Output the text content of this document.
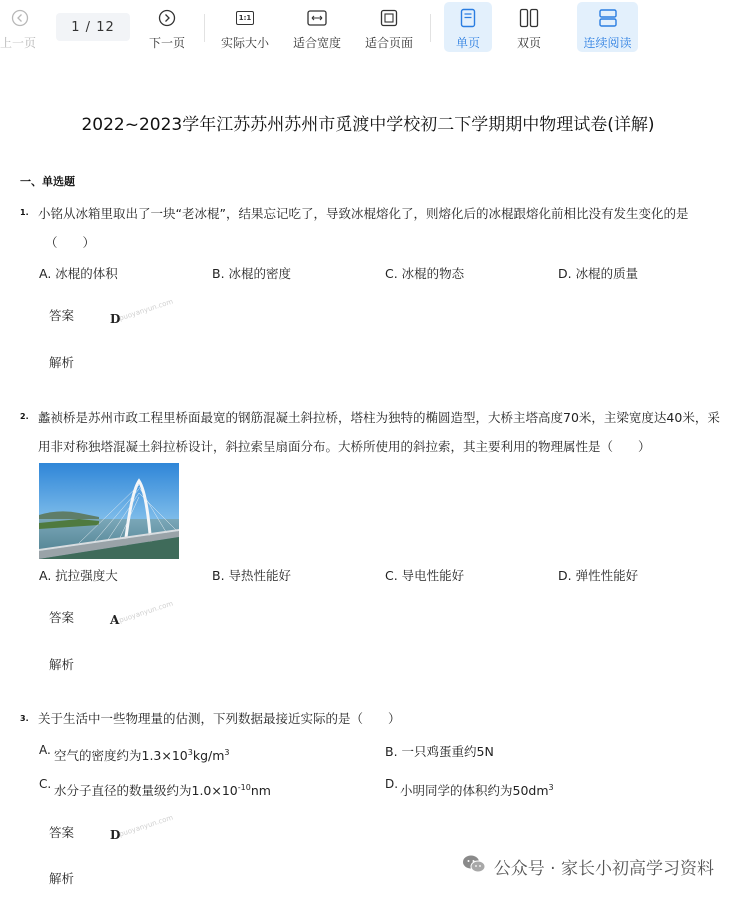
上一页
1 / 12
下一页
1:1
实际大小 适合宽度 适合页面	单页	双页	连续阅读
2022~2023学年江苏苏州苏州市觅渡中学校初二下学期期中物理试卷(详解)
一、单选题
1. 小铭从冰箱里取出了一块“老冰棍”，结果忘记吃了，导致冰棍熔化了，则熔化后的冰棍跟熔化前相比没有发生变化的是
（　　）
A. 冰棍的体积	B. 冰棍的密度	C. 冰棍的物态	D. 冰棍的质量
答案	D
puoyanyun.com
解析
2. 蠡祯桥是苏州市政工程里桥面最宽的钢筋混凝土斜拉桥，塔柱为独特的椭圆造型，大桥主塔高度70米，主梁宽度达40米，采
用非对称独塔混凝土斜拉桥设计，斜拉索呈扇面分布。大桥所使用的斜拉索，其主要利用的物理属性是（　　）
A. 抗拉强度大	B. 导热性能好	C. 导电性能好	D. 弹性性能好
答案	A
puoyanyun.com
解析
3. 关于生活中一些物理量的估测，下列数据最接近实际的是（　　）
A. 空气的密度约为$1.3\times 10^3kg/m^3$	B. 一只鸡蛋重约5N
C. 水分子直径的数量级约为$1.0\times 10^{-10}nm$	D. 小明同学的体积约为$50dm^3$
答案	D
puoyanyun.com
解析	公众号 · 家长小初高学习资料
